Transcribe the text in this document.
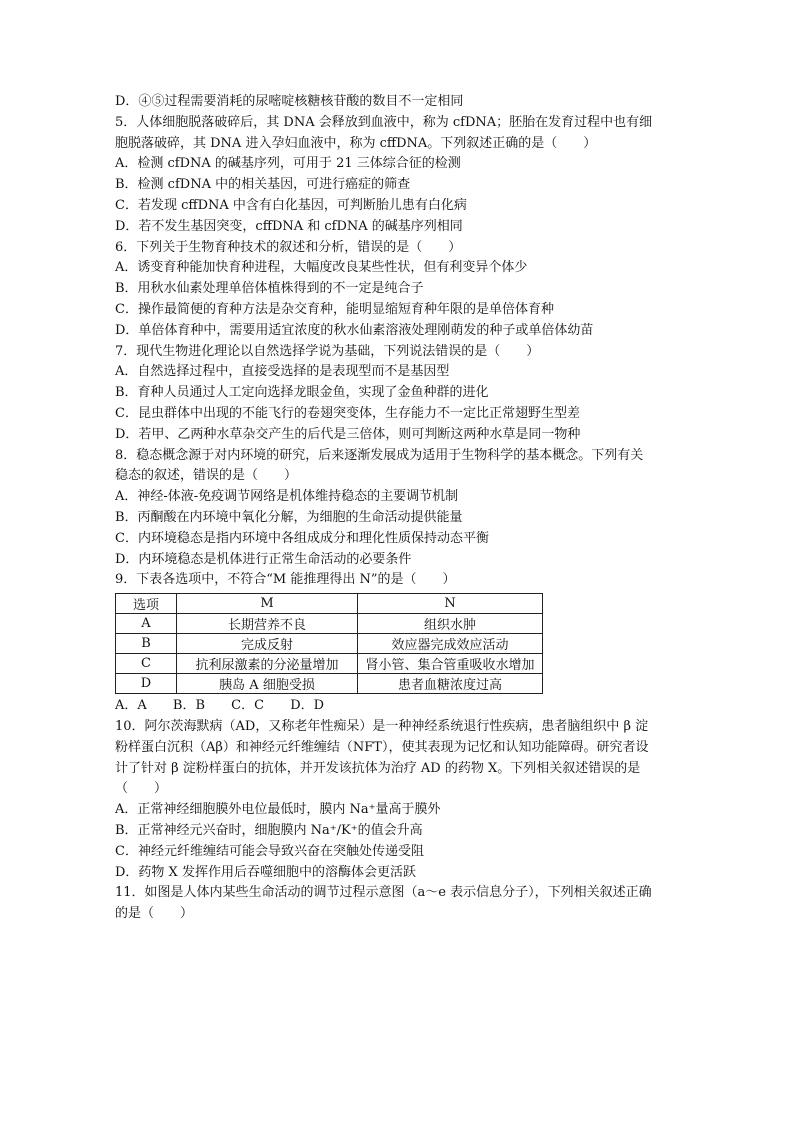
D．④⑤过程需要消耗的尿嘧啶核糖核苷酸的数目不一定相同
5．人体细胞脱落破碎后，其 DNA 会释放到血液中，称为 cfDNA；胚胎在发育过程中也有细
胞脱落破碎，其 DNA 进入孕妇血液中，称为 cffDNA。下列叙述正确的是（　　）
A．检测 cfDNA 的碱基序列，可用于 21 三体综合征的检测
B．检测 cfDNA 中的相关基因，可进行癌症的筛查
C．若发现 cffDNA 中含有白化基因，可判断胎儿患有白化病
D．若不发生基因突变，cffDNA 和 cfDNA 的碱基序列相同
6．下列关于生物育种技术的叙述和分析，错误的是（　　）
A．诱变育种能加快育种进程，大幅度改良某些性状，但有利变异个体少
B．用秋水仙素处理单倍体植株得到的不一定是纯合子
C．操作最简便的育种方法是杂交育种，能明显缩短育种年限的是单倍体育种
D．单倍体育种中，需要用适宜浓度的秋水仙素溶液处理刚萌发的种子或单倍体幼苗
7．现代生物进化理论以自然选择学说为基础，下列说法错误的是（　　）
A．自然选择过程中，直接受选择的是表现型而不是基因型
B．育种人员通过人工定向选择龙眼金鱼，实现了金鱼种群的进化
C．昆虫群体中出现的不能飞行的卷翅突变体，生存能力不一定比正常翅野生型差
D．若甲、乙两种水草杂交产生的后代是三倍体，则可判断这两种水草是同一物种
8．稳态概念源于对内环境的研究，后来逐渐发展成为适用于生物科学的基本概念。下列有关
稳态的叙述，错误的是（　　）
A．神经-体液-免疫调节网络是机体维持稳态的主要调节机制
B．丙酮酸在内环境中氧化分解，为细胞的生命活动提供能量
C．内环境稳态是指内环境中各组成成分和理化性质保持动态平衡
D．内环境稳态是机体进行正常生命活动的必要条件
9．下表各选项中，不符合“M 能推理得出 N”的是（　　）
选项	M	N
A	长期营养不良	组织水肿
B	完成反射	效应器完成效应活动
C	抗利尿激素的分泌量增加	肾小管、集合管重吸收水增加
D	胰岛 A 细胞受损	患者血糖浓度过高
A．A B．B C．C D．D
10．阿尔茨海默病（AD，又称老年性痴呆）是一种神经系统退行性疾病，患者脑组织中 β 淀
粉样蛋白沉积（Aβ）和神经元纤维缠结（NFT），使其表现为记忆和认知功能障碍。研究者设
计了针对 β 淀粉样蛋白的抗体，并开发该抗体为治疗 AD 的药物 X。下列相关叙述错误的是
（　　）
A．正常神经细胞膜外电位最低时，膜内 Na⁺量高于膜外
B．正常神经元兴奋时，细胞膜内 Na⁺/K⁺的值会升高
C．神经元纤维缠结可能会导致兴奋在突触处传递受阻
D．药物 X 发挥作用后吞噬细胞中的溶酶体会更活跃
11．如图是人体内某些生命活动的调节过程示意图（a～e 表示信息分子），下列相关叙述正确
的是（　　）
